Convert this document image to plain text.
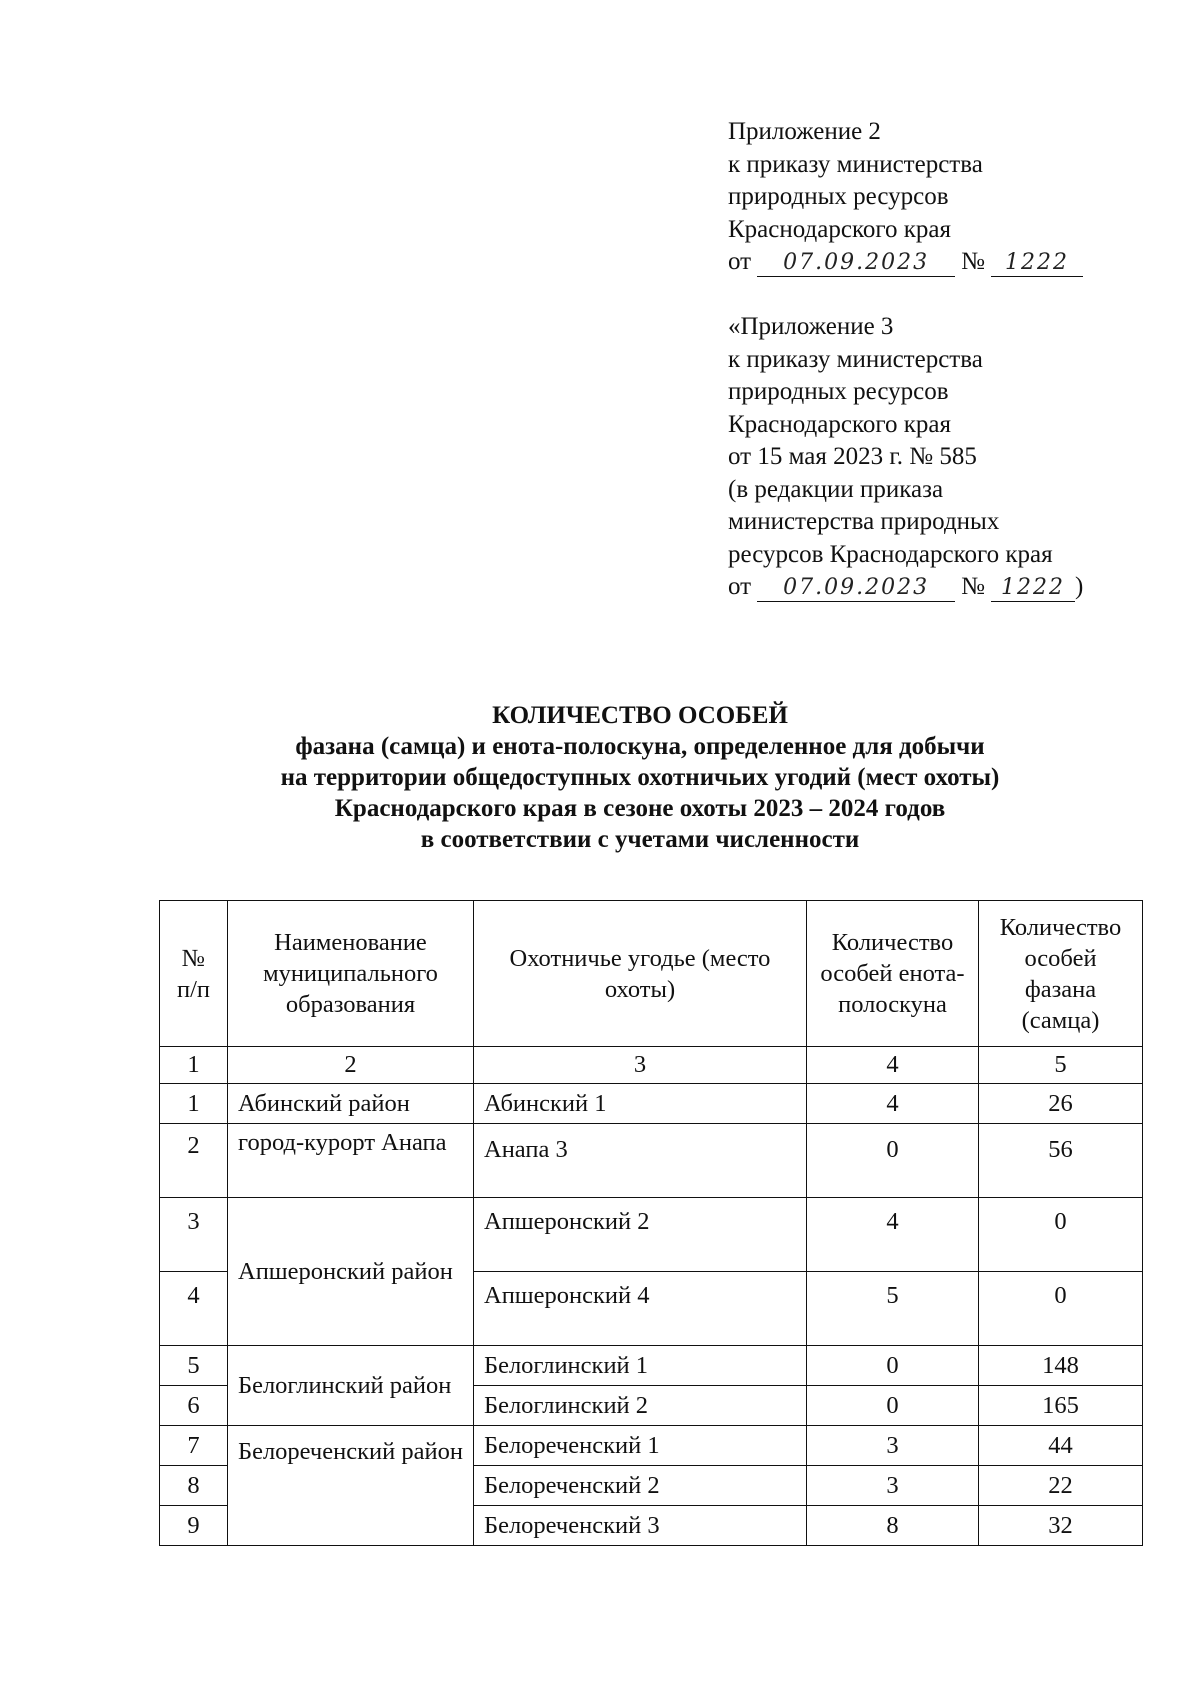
Приложение 2
к приказу министерства
природных ресурсов
Краснодарского края
от 07.09.2023 № 1222
«Приложение 3
к приказу министерства
природных ресурсов
Краснодарского края
от 15 мая 2023 г. № 585
(в редакции приказа
министерства природных
ресурсов Краснодарского края
от 07.09.2023 № 1222 )
КОЛИЧЕСТВО ОСОБЕЙ
фазана (самца) и енота-полоскуна, определенное для добычи
на территории общедоступных охотничьих угодий (мест охоты)
Краснодарского края в сезоне охоты 2023 – 2024 годов
в соответствии с учетами численности
№ п/п	Наименование муниципального образования	Охотничье угодье (место охоты)	Количество особей енота-полоскуна	Количество особей фазана (самца)
1	2	3	4	5
1	Абинский район	Абинский 1	4	26
2	город-курорт Анапа	Анапа 3	0	56
3	Апшеронский район	Апшеронский 2	4	0
4		Апшеронский 4	5	0
5	Белоглинский район	Белоглинский 1	0	148
6		Белоглинский 2	0	165
7	Белореченский район	Белореченский 1	3	44
8		Белореченский 2	3	22
9		Белореченский 3	8	32
